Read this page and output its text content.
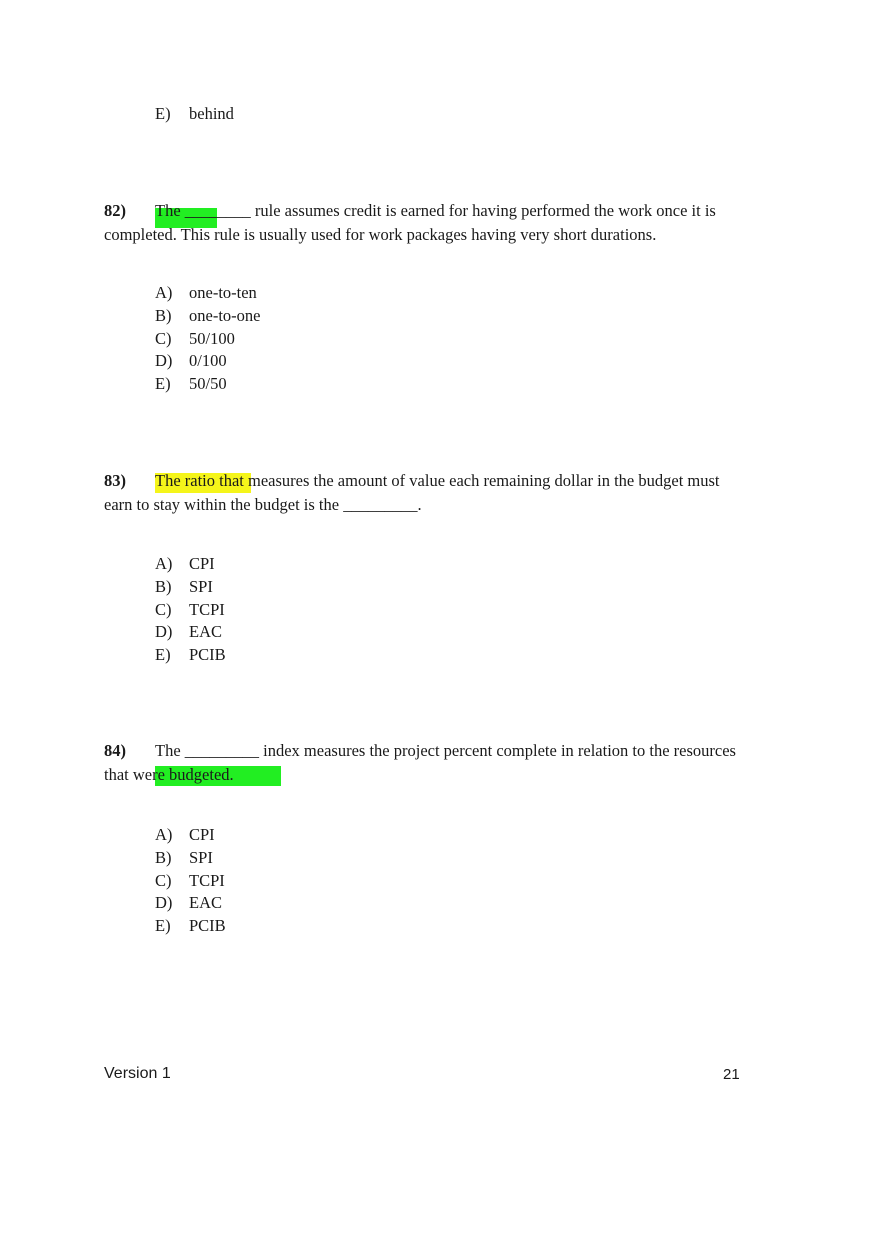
E) behind
82) The ________ rule assumes credit is earned for having performed the work once it is
completed. This rule is usually used for work packages having very short durations.
A) one-to-ten
B) one-to-one
C) 50/100
D) 0/100
E) 50/50
83) The ratio that measures the amount of value each remaining dollar in the budget must
earn to stay within the budget is the _________.
A) CPI
B) SPI
C) TCPI
D) EAC
E) PCIB
84) The _________ index measures the project percent complete in relation to the resources
that were budgeted.
A) CPI
B) SPI
C) TCPI
D) EAC
E) PCIB
Version 1	21
